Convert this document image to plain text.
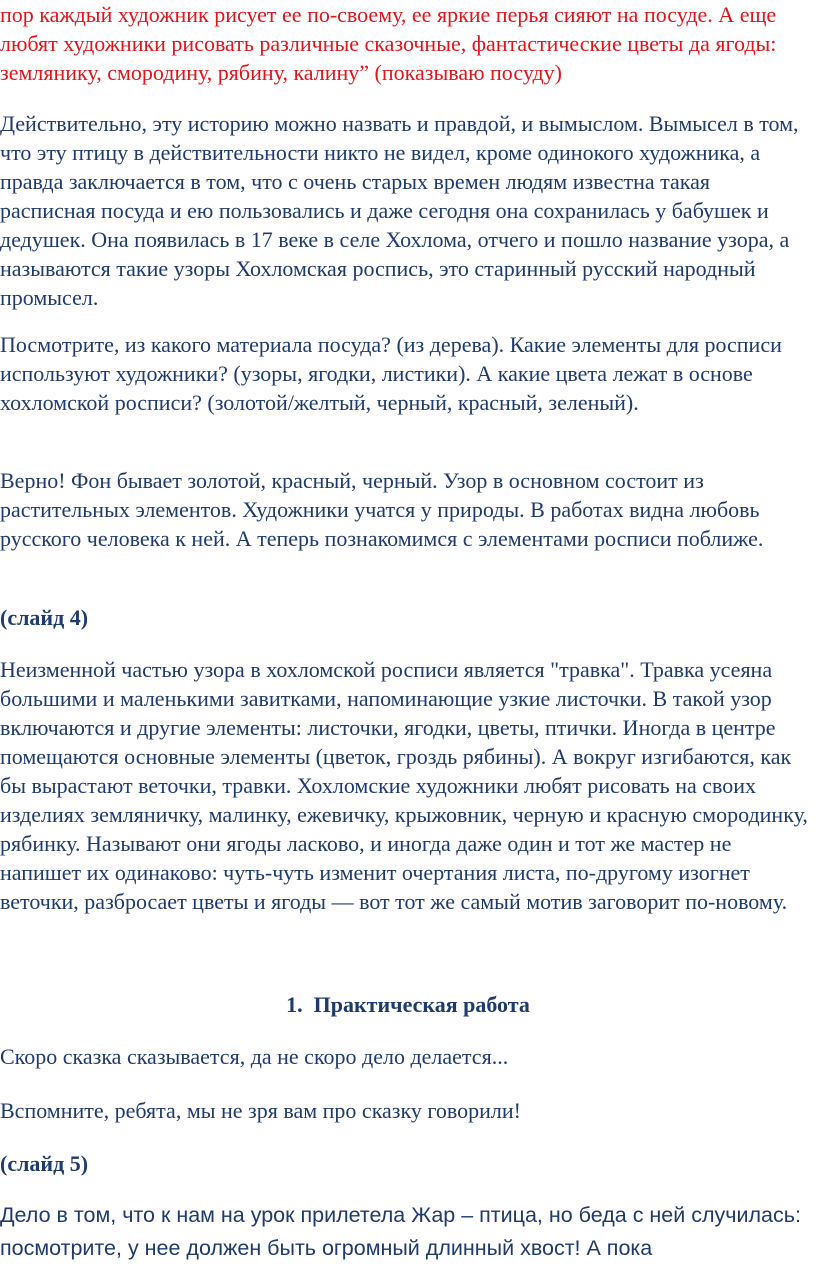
пор каждый художник рисует ее по-своему, ее яркие перья сияют на посуде. А еще любят художники рисовать различные сказочные, фантастические цветы да ягоды: землянику, смородину, рябину, калину” (показываю посуду)

Действительно, эту историю можно назвать и правдой, и вымыслом. Вымысел в том, что эту птицу в действительности никто не видел, кроме одинокого художника, а правда заключается в том, что с очень старых времен людям известна такая расписная посуда и ею пользовались и даже сегодня она сохранилась у бабушек и дедушек. Она появилась в 17 веке в селе Хохлома, отчего и пошло название узора, а называются такие узоры Хохломская роспись, это старинный русский народный промысел.

Посмотрите, из какого материала посуда? (из дерева). Какие элементы для росписи используют художники? (узоры, ягодки, листики). А какие цвета лежат в основе хохломской росписи? (золотой/желтый, черный, красный, зеленый).

Верно! Фон бывает золотой, красный, черный. Узор в основном состоит из растительных элементов. Художники учатся у природы. В работах видна любовь русского человека к ней. А теперь познакомимся с элементами росписи поближе.

(слайд 4)

Неизменной частью узора в хохломской росписи является "травка". Травка усеяна большими и маленькими завитками, напоминающие узкие листочки. В такой узор включаются и другие элементы: листочки, ягодки, цветы, птички. Иногда в центре помещаются основные элементы (цветок, гроздь рябины). А вокруг изгибаются, как бы вырастают веточки, травки. Хохломские художники любят рисовать на своих изделиях земляничку, малинку, ежевичку, крыжовник, черную и красную смородинку, рябинку. Называют они ягоды ласково, и иногда даже один и тот же мастер не напишет их одинаково: чуть-чуть изменит очертания листа, по-другому изогнет веточки, разбросает цветы и ягоды — вот тот же самый мотив заговорит по-новому.

1. Практическая работа

Скоро сказка сказывается, да не скоро дело делается...

Вспомните, ребята, мы не зря вам про сказку говорили!

(слайд 5)

Дело в том, что к нам на урок прилетела Жар – птица, но беда с ней случилась: посмотрите, у нее должен быть огромный длинный хвост! А пока
